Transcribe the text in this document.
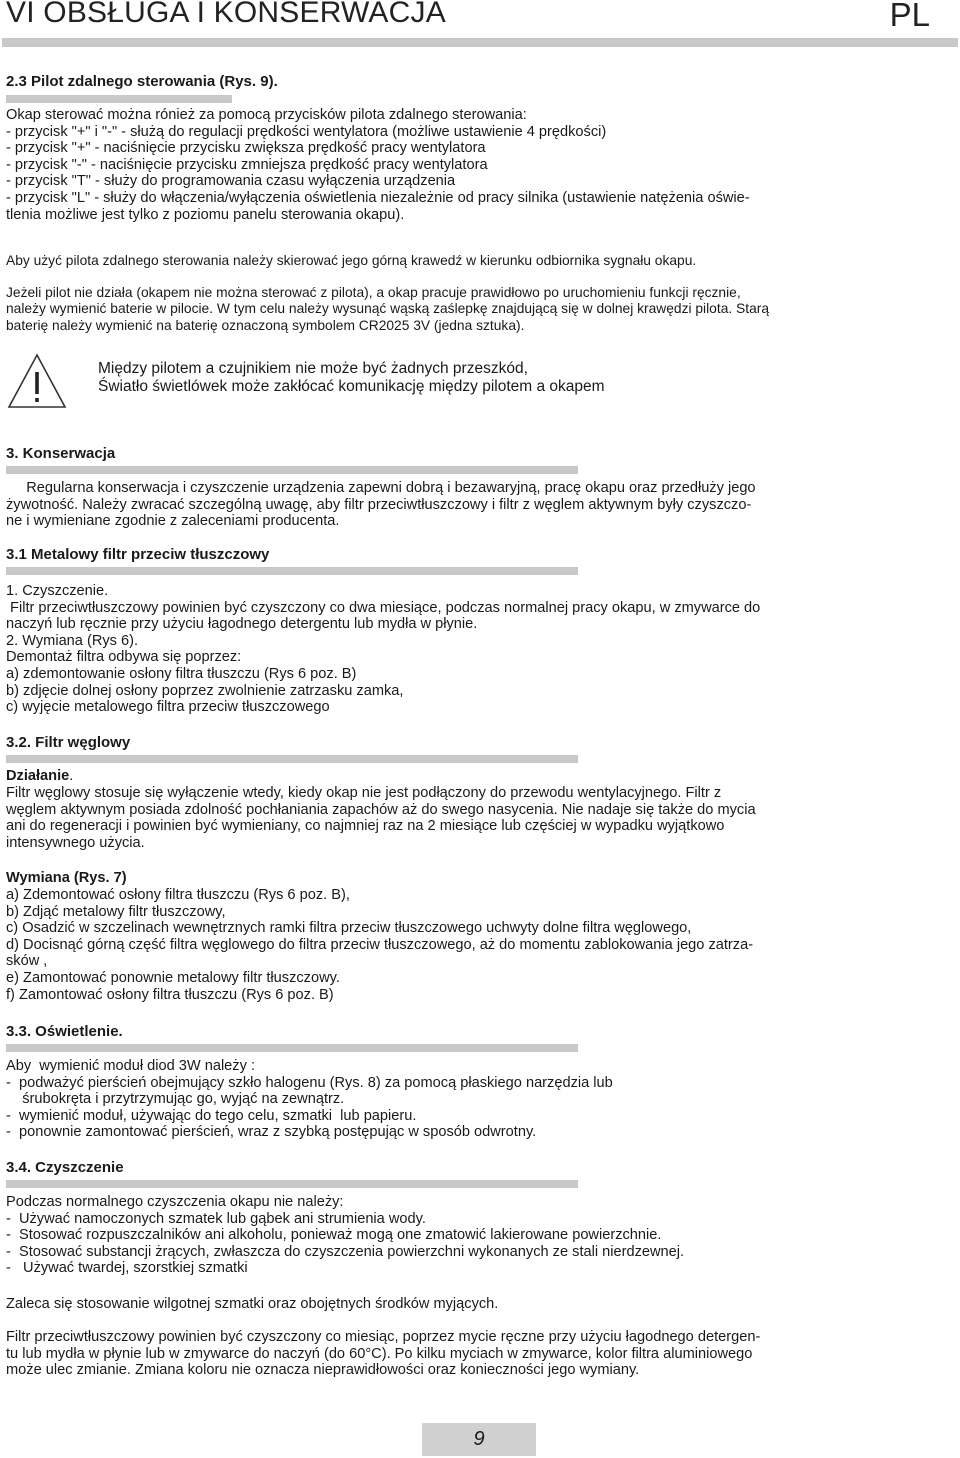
VI OBSŁUGA I KONSERWACJA	PL
2.3 Pilot zdalnego sterowania (Rys. 9).
Okap sterować można rónież za pomocą przycisków pilota zdalnego sterowania:
- przycisk "+" i "-" - służą do regulacji prędkości wentylatora (możliwe ustawienie 4 prędkości)
- przycisk "+" - naciśnięcie przycisku zwiększa prędkość pracy wentylatora
- przycisk "-" - naciśnięcie przycisku zmniejsza prędkość pracy wentylatora
- przycisk "T" - służy do programowania czasu wyłączenia urządzenia
- przycisk "L" - służy do włączenia/wyłączenia oświetlenia niezależnie od pracy silnika (ustawienie natężenia oświe-
tlenia możliwe jest tylko z poziomu panelu sterowania okapu).
Aby użyć pilota zdalnego sterowania należy skierować jego górną krawedź w kierunku odbiornika sygnału okapu.
Jeżeli pilot nie działa (okapem nie można sterować z pilota), a okap pracuje prawidłowo po uruchomieniu funkcji ręcznie,
należy wymienić baterie w pilocie. W tym celu należy wysunąć wąską zaślepkę znajdującą się w dolnej krawędzi pilota. Starą
baterię należy wymienić na baterię oznaczoną symbolem CR2025 3V (jedna sztuka).
Między pilotem a czujnikiem nie może być żadnych przeszkód,
Światło świetlówek może zakłócać komunikację między pilotem a okapem
3. Konserwacja
Regularna konserwacja i czyszczenie urządzenia zapewni dobrą i bezawaryjną, pracę okapu oraz przedłuży jego
żywotność. Należy zwracać szczególną uwagę, aby filtr przeciwtłuszczowy i filtr z węglem aktywnym były czyszczo-
ne i wymieniane zgodnie z zaleceniami producenta.
3.1 Metalowy filtr przeciw tłuszczowy
1. Czyszczenie.
Filtr przeciwtłuszczowy powinien być czyszczony co dwa miesiące, podczas normalnej pracy okapu, w zmywarce do
naczyń lub ręcznie przy użyciu łagodnego detergentu lub mydła w płynie.
2. Wymiana (Rys 6).
Demontaż filtra odbywa się poprzez:
a) zdemontowanie osłony filtra tłuszczu (Rys 6 poz. B)
b) zdjęcie dolnej osłony poprzez zwolnienie zatrzasku zamka,
c) wyjęcie metalowego filtra przeciw tłuszczowego
3.2. Filtr węglowy
Działanie.
Filtr węglowy stosuje się wyłączenie wtedy, kiedy okap nie jest podłączony do przewodu wentylacyjnego. Filtr z
węglem aktywnym posiada zdolność pochłaniania zapachów aż do swego nasycenia. Nie nadaje się także do mycia
ani do regeneracji i powinien być wymieniany, co najmniej raz na 2 miesiące lub częściej w wypadku wyjątkowo
intensywnego użycia.
Wymiana (Rys. 7)
a) Zdemontować osłony filtra tłuszczu (Rys 6 poz. B),
b) Zdjąć metalowy filtr tłuszczowy,
c) Osadzić w szczelinach wewnętrznych ramki filtra przeciw tłuszczowego uchwyty dolne filtra węglowego,
d) Docisnąć górną część filtra węglowego do filtra przeciw tłuszczowego, aż do momentu zablokowania jego zatrza-
sków ,
e) Zamontować ponownie metalowy filtr tłuszczowy.
f) Zamontować osłony filtra tłuszczu (Rys 6 poz. B)
3.3. Oświetlenie.
Aby  wymienić moduł diod 3W należy :
-  podważyć pierścień obejmujący szkło halogenu (Rys. 8) za pomocą płaskiego narzędzia lub
śrubokręta i przytrzymując go, wyjąć na zewnątrz.
-  wymienić moduł, używając do tego celu, szmatki  lub papieru.
-  ponownie zamontować pierścień, wraz z szybką postępując w sposób odwrotny.
3.4. Czyszczenie
Podczas normalnego czyszczenia okapu nie należy:
-  Używać namoczonych szmatek lub gąbek ani strumienia wody.
-  Stosować rozpuszczalników ani alkoholu, ponieważ mogą one zmatowić lakierowane powierzchnie.
-  Stosować substancji żrących, zwłaszcza do czyszczenia powierzchni wykonanych ze stali nierdzewnej.
-   Używać twardej, szorstkiej szmatki
Zaleca się stosowanie wilgotnej szmatki oraz obojętnych środków myjących.
Filtr przeciwtłuszczowy powinien być czyszczony co miesiąc, poprzez mycie ręczne przy użyciu łagodnego detergen-
tu lub mydła w płynie lub w zmywarce do naczyń (do 60°C). Po kilku myciach w zmywarce, kolor filtra aluminiowego
może ulec zmianie. Zmiana koloru nie oznacza nieprawidłowości oraz konieczności jego wymiany.
9
